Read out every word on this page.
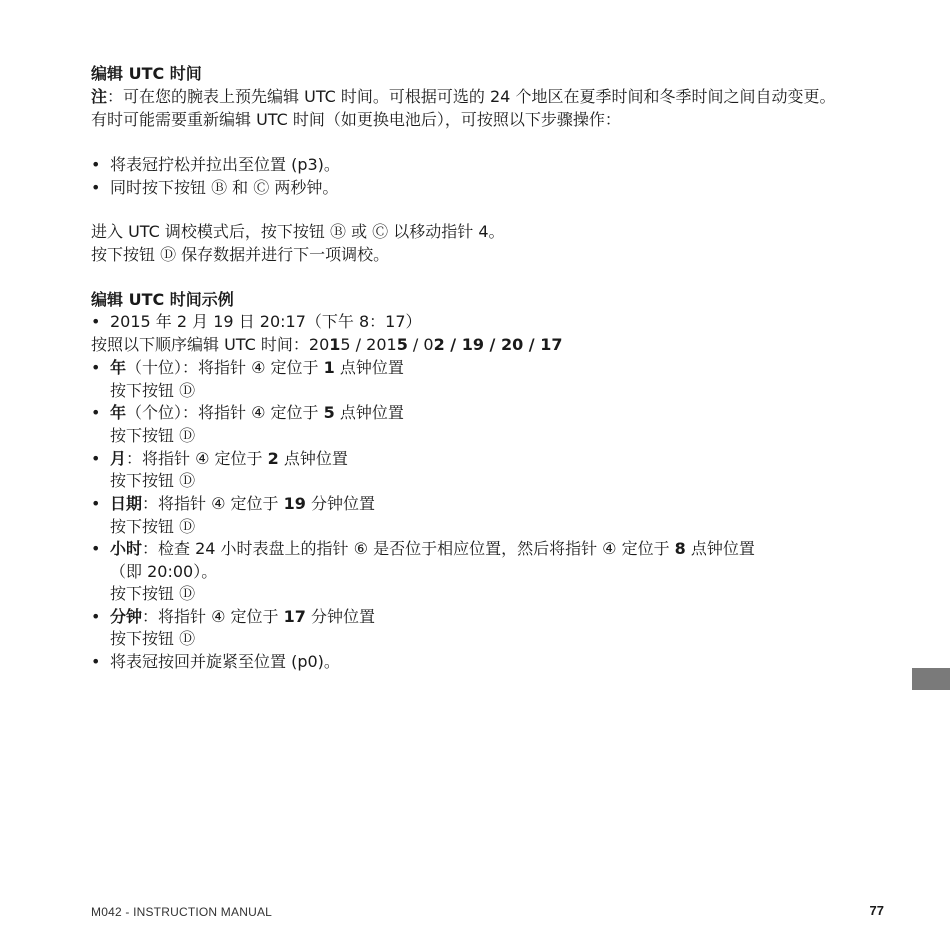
编辑 UTC 时间
注：可在您的腕表上预先编辑 UTC 时间。可根据可选的 24 个地区在夏季时间和冬季时间之间自动变更。
有时可能需要重新编辑 UTC 时间（如更换电池后），可按照以下步骤操作：
• 将表冠拧松并拉出至位置 (p3)。
• 同时按下按钮 Ⓑ 和 Ⓒ 两秒钟。
进入 UTC 调校模式后，按下按钮 Ⓑ 或 Ⓒ 以移动指针 4。
按下按钮 Ⓓ 保存数据并进行下一项调校。
编辑 UTC 时间示例
• 2015 年 2 月 19 日 20:17（下午 8：17）
按照以下顺序编辑 UTC 时间：2015 / 2015 / 02 / 19 / 20 / 17
• 年（十位）：将指针 ④ 定位于 1 点钟位置
按下按钮 Ⓓ
• 年（个位）：将指针 ④ 定位于 5 点钟位置
按下按钮 Ⓓ
• 月：将指针 ④ 定位于 2 点钟位置
按下按钮 Ⓓ
• 日期：将指针 ④ 定位于 19 分钟位置
按下按钮 Ⓓ
• 小时：检查 24 小时表盘上的指针 ⑥ 是否位于相应位置，然后将指针 ④ 定位于 8 点钟位置
（即 20:00）。
按下按钮 Ⓓ
• 分钟：将指针 ④ 定位于 17 分钟位置
按下按钮 Ⓓ
• 将表冠按回并旋紧至位置 (p0)。
M042 - INSTRUCTION MANUAL	77
